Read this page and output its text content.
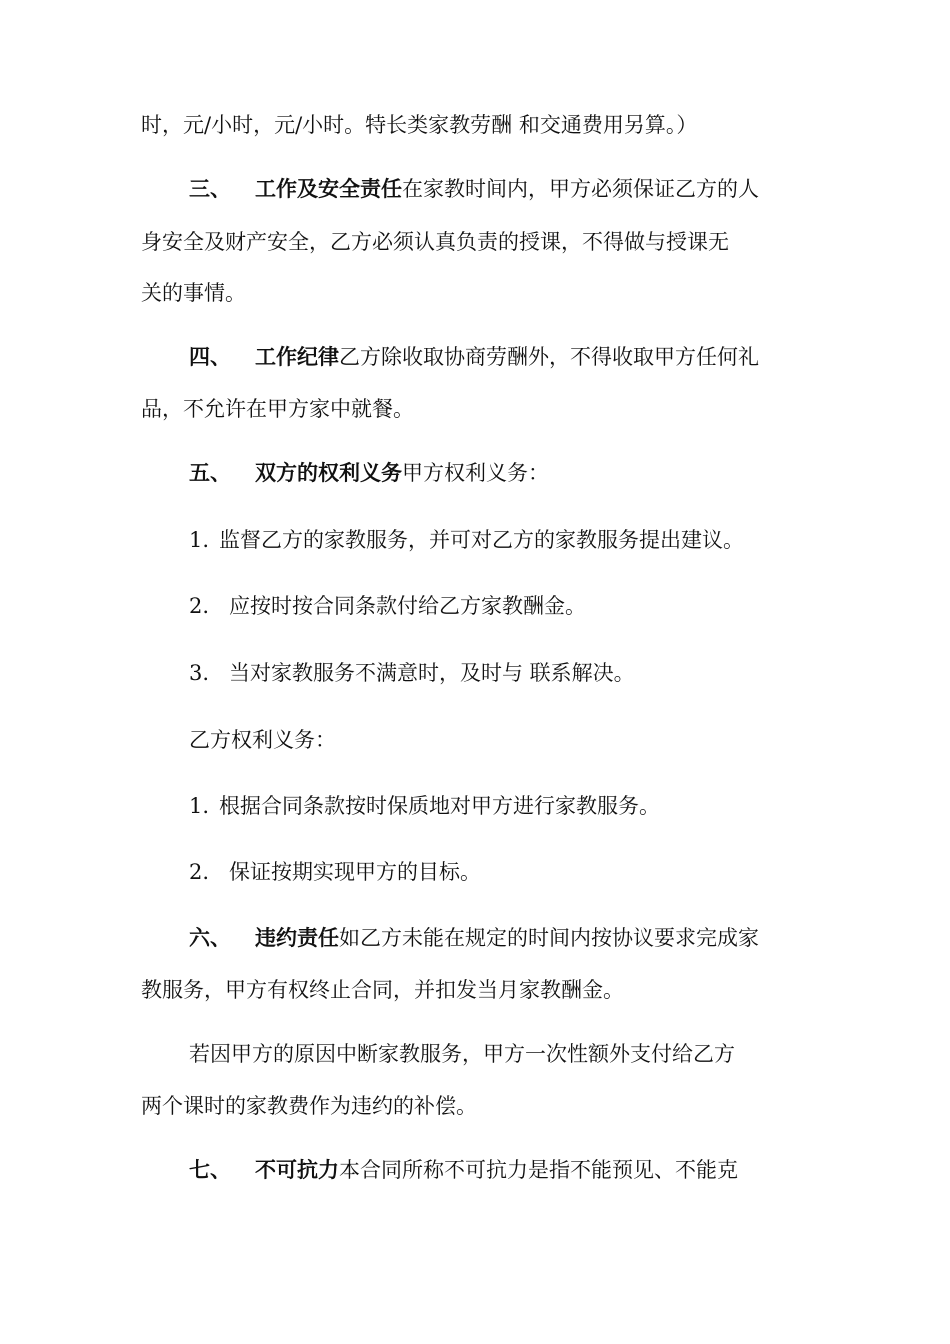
时，元/小时，元/小时。特长类家教劳酬 和交通费用另算。）
三、 工作及安全责任在家教时间内，甲方必须保证乙方的人
身安全及财产安全，乙方必须认真负责的授课，不得做与授课无
关的事情。
四、 工作纪律乙方除收取协商劳酬外，不得收取甲方任何礼
品，不允许在甲方家中就餐。
五、 双方的权利义务甲方权利义务：
1. 监督乙方的家教服务，并可对乙方的家教服务提出建议。
2. 应按时按合同条款付给乙方家教酬金。
3. 当对家教服务不满意时，及时与 联系解决。
乙方权利义务：
1. 根据合同条款按时保质地对甲方进行家教服务。
2. 保证按期实现甲方的目标。
六、 违约责任如乙方未能在规定的时间内按协议要求完成家
教服务，甲方有权终止合同，并扣发当月家教酬金。
若因甲方的原因中断家教服务，甲方一次性额外支付给乙方
两个课时的家教费作为违约的补偿。
七、 不可抗力本合同所称不可抗力是指不能预见、不能克
